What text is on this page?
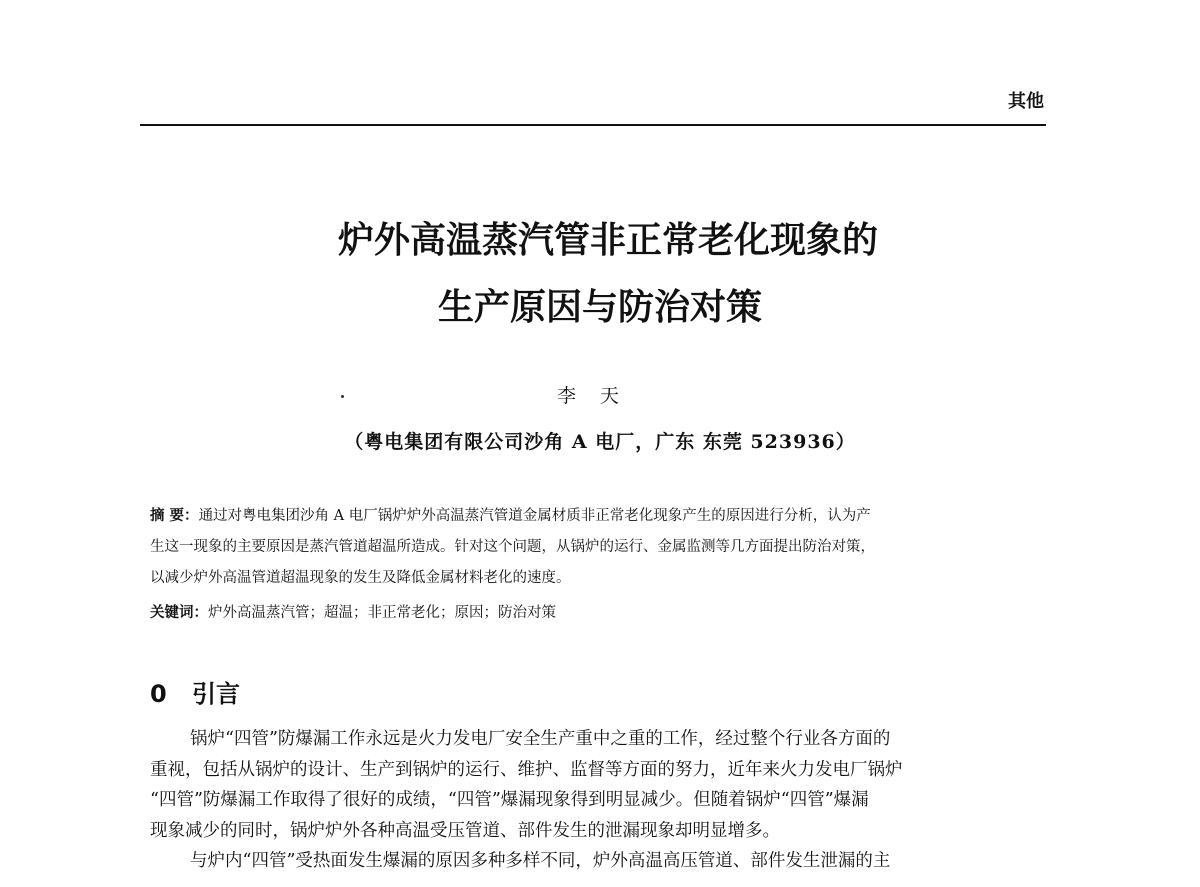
其他
炉外高温蒸汽管非正常老化现象的
生产原因与防治对策
李天
（粤电集团有限公司沙角 A 电厂，广东 东莞 523936）
摘 要：通过对粤电集团沙角 A 电厂锅炉炉外高温蒸汽管道金属材质非正常老化现象产生的原因进行分析，认为产
生这一现象的主要原因是蒸汽管道超温所造成。针对这个问题，从锅炉的运行、金属监测等几方面提出防治对策，
以减少炉外高温管道超温现象的发生及降低金属材料老化的速度。
关键词：炉外高温蒸汽管；超温；非正常老化；原因；防治对策
0 引言
锅炉“四管”防爆漏工作永远是火力发电厂安全生产重中之重的工作，经过整个行业各方面的
重视，包括从锅炉的设计、生产到锅炉的运行、维护、监督等方面的努力，近年来火力发电厂锅炉
“四管”防爆漏工作取得了很好的成绩，“四管”爆漏现象得到明显减少。但随着锅炉“四管”爆漏
现象减少的同时，锅炉炉外各种高温受压管道、部件发生的泄漏现象却明显增多。
与炉内“四管”受热面发生爆漏的原因多种多样不同，炉外高温高压管道、部件发生泄漏的主
